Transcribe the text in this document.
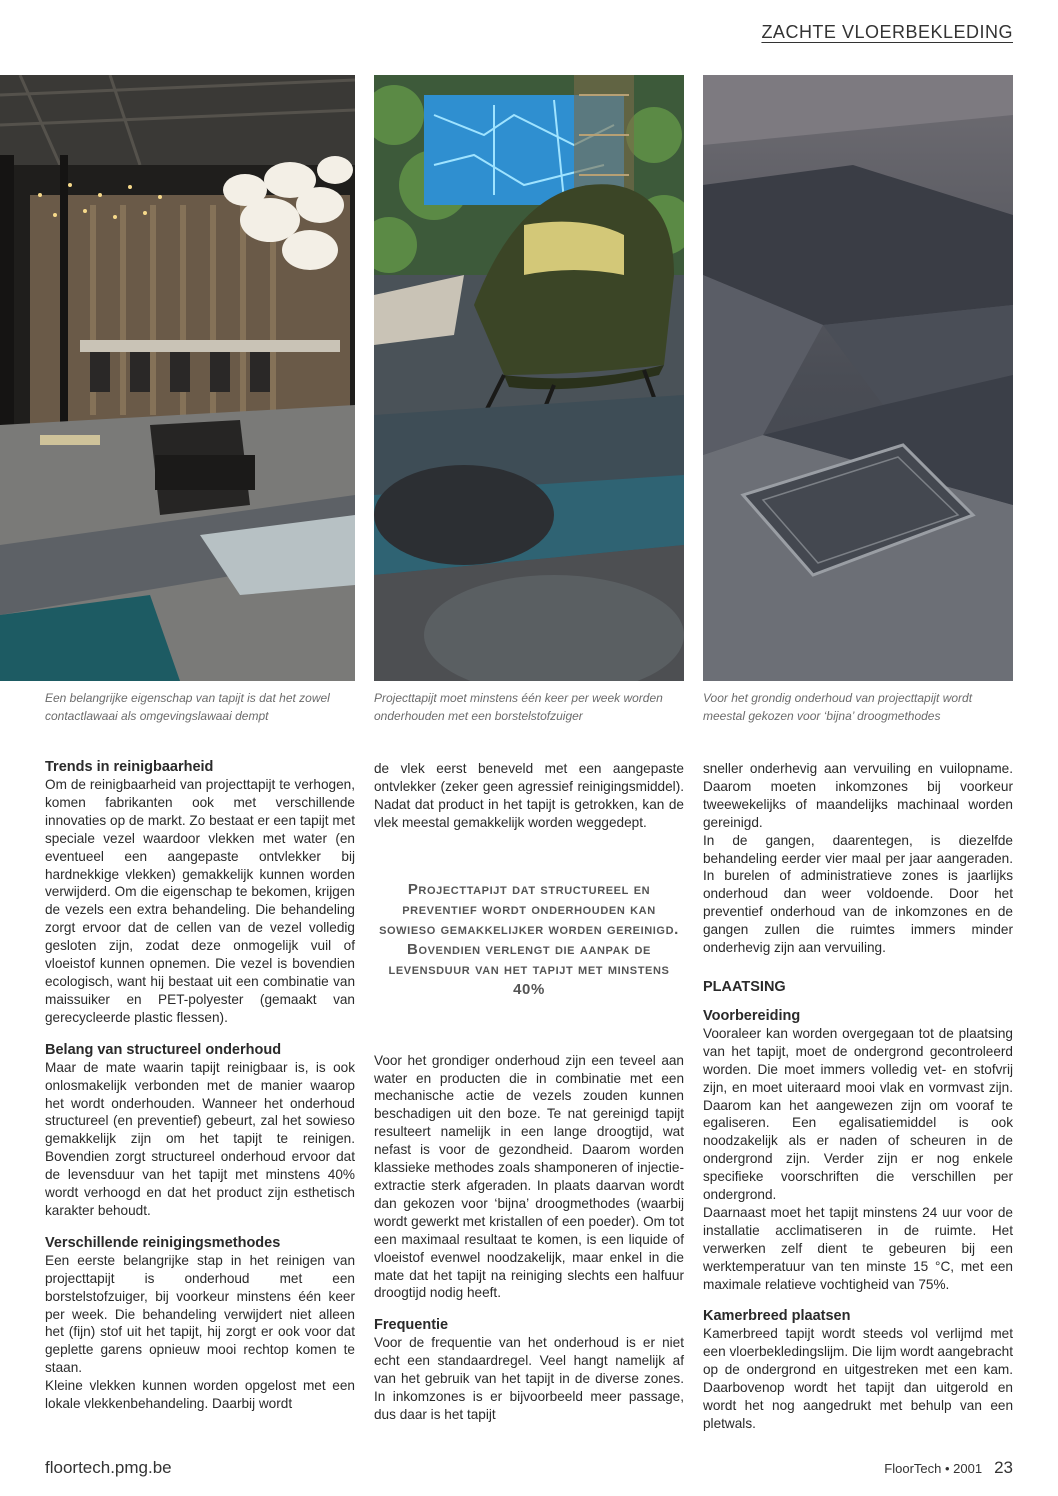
ZACHTE VLOERBEKLEDING
Een belangrijke eigenschap van tapijt is dat het zowel contactlawaai als omgevingslawaai dempt
Projecttapijt moet minstens één keer per week worden onderhouden met een borstelstofzuiger
Voor het grondig onderhoud van projecttapijt wordt meestal gekozen voor ‘bijna’ droogmethodes
Trends in reinigbaarheid

Om de reinigbaarheid van projecttapijt te verhogen, komen fabrikanten ook met verschillende innovaties op de markt. Zo bestaat er een tapijt met speciale vezel waardoor vlekken met water (en eventueel een aangepaste ontvlekker bij hardnekkige vlekken) gemakkelijk kunnen worden verwijderd. Om die eigenschap te bekomen, krijgen de vezels een extra behandeling. Die behandeling zorgt ervoor dat de cellen van de vezel volledig gesloten zijn, zodat deze onmogelijk vuil of vloeistof kunnen opnemen. Die vezel is bovendien ecologisch, want hij bestaat uit een combinatie van maissuiker en PET-polyester (gemaakt van gerecycleerde plastic flessen).

Belang van structureel onderhoud

Maar de mate waarin tapijt reinigbaar is, is ook onlosmakelijk verbonden met de manier waarop het wordt onderhouden. Wanneer het onderhoud structureel (en preventief) gebeurt, zal het sowieso gemakkelijk zijn om het tapijt te reinigen. Bovendien zorgt structureel onderhoud ervoor dat de levensduur van het tapijt met minstens 40% wordt verhoogd en dat het product zijn esthetisch karakter behoudt.

Verschillende reinigingsmethodes

Een eerste belangrijke stap in het reinigen van projecttapijt is onderhoud met een borstelstofzuiger, bij voorkeur minstens één keer per week. Die behandeling verwijdert niet alleen het (fijn) stof uit het tapijt, hij zorgt er ook voor dat geplette garens opnieuw mooi rechtop komen te staan.

Kleine vlekken kunnen worden opgelost met een lokale vlekkenbehandeling. Daarbij wordt

de vlek eerst beneveld met een aangepaste ontvlekker (zeker geen agressief reinigingsmiddel). Nadat dat product in het tapijt is getrokken, kan de vlek meestal gemakkelijk worden weggedept.

Projecttapijt dat structureel en preventief wordt onderhouden kan sowieso gemakkelijker worden gereinigd. Bovendien verlengt die aanpak de levensduur van het tapijt met minstens 40%

Voor het grondiger onderhoud zijn een teveel aan water en producten die in combinatie met een mechanische actie de vezels zouden kunnen beschadigen uit den boze. Te nat gereinigd tapijt resulteert namelijk in een lange droogtijd, wat nefast is voor de gezondheid. Daarom worden klassieke methodes zoals shamponeren of injectie-extractie sterk afgeraden. In plaats daarvan wordt dan gekozen voor ‘bijna’ droogmethodes (waarbij wordt gewerkt met kristallen of een poeder). Om tot een maximaal resultaat te komen, is een liquide of vloeistof evenwel noodzakelijk, maar enkel in die mate dat het tapijt na reiniging slechts een halfuur droogtijd nodig heeft.

Frequentie

Voor de frequentie van het onderhoud is er niet echt een standaardregel. Veel hangt namelijk af van het gebruik van het tapijt in de diverse zones. In inkomzones is er bijvoorbeeld meer passage, dus daar is het tapijt

sneller onderhevig aan vervuiling en vuilopname. Daarom moeten inkomzones bij voorkeur tweewekelijks of maandelijks machinaal worden gereinigd.

In de gangen, daarentegen, is diezelfde behandeling eerder vier maal per jaar aangeraden. In burelen of administratieve zones is jaarlijks onderhoud dan weer voldoende. Door het preventief onderhoud van de inkomzones en de gangen zullen die ruimtes immers minder onderhevig zijn aan vervuiling.

PLAATSING
Voorbereiding

Vooraleer kan worden overgegaan tot de plaatsing van het tapijt, moet de ondergrond gecontroleerd worden. Die moet immers volledig vet- en stofvrij zijn, en moet uiteraard mooi vlak en vormvast zijn. Daarom kan het aangewezen zijn om vooraf te egaliseren. Een egalisatiemiddel is ook noodzakelijk als er naden of scheuren in de ondergrond zijn. Verder zijn er nog enkele specifieke voorschriften die verschillen per ondergrond.

Daarnaast moet het tapijt minstens 24 uur voor de installatie acclimatiseren in de ruimte. Het verwerken zelf dient te gebeuren bij een werktemperatuur van ten minste 15 °C, met een maximale relatieve vochtigheid van 75%.

Kamerbreed plaatsen

Kamerbreed tapijt wordt steeds vol verlijmd met een vloerbekledingslijm. Die lijm wordt aangebracht op de ondergrond en uitgestreken met een kam. Daarbovenop wordt het tapijt dan uitgerold en wordt het nog aangedrukt met behulp van een pletwals.

floortech.pmg.be	FloorTech • 2001 23
